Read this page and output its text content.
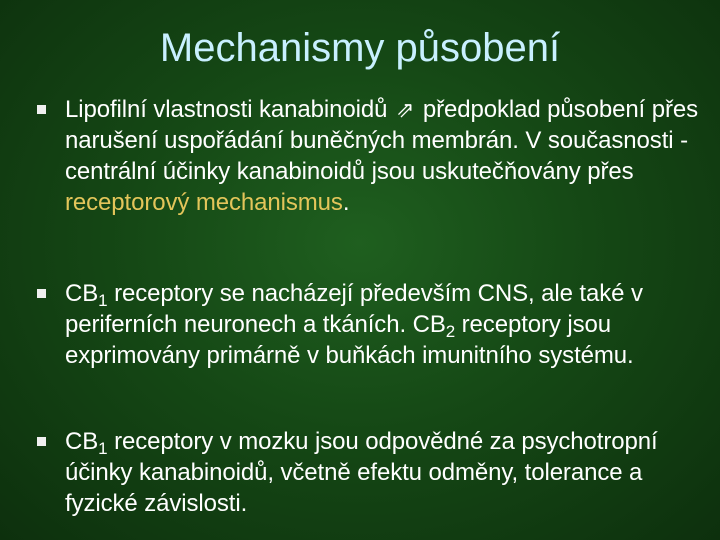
Mechanismy působení
Lipofilní vlastnosti kanabinoidů ⇗ předpoklad působení přes narušení uspořádání buněčných membrán. V současnosti - centrální účinky kanabinoidů jsou uskutečňovány přes receptorový mechanismus.
$CB_1$ receptory se nacházejí především CNS, ale také v periferních neuronech a tkáních. $CB_2$ receptory jsou exprimovány primárně v buňkách imunitního systému.
$CB_1$ receptory v mozku jsou odpovědné za psychotropní účinky kanabinoidů, včetně efektu odměny, tolerance a fyzické závislosti.
